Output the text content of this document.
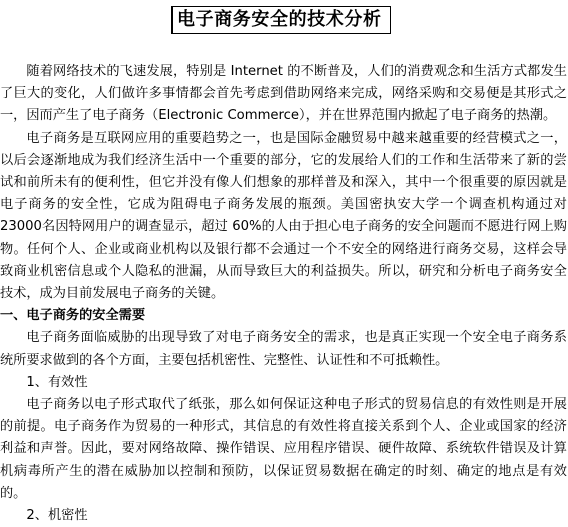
电子商务安全的技术分析

随着网络技术的飞速发展，特别是 Internet 的不断普及，人们的消费观念和生活方式都发生了巨大的变化，人们做许多事情都会首先考虑到借助网络来完成，网络采购和交易便是其形式之一，因而产生了电子商务（Electronic Commerce），并在世界范围内掀起了电子商务的热潮。

电子商务是互联网应用的重要趋势之一，也是国际金融贸易中越来越重要的经营模式之一，以后会逐渐地成为我们经济生活中一个重要的部分，它的发展给人们的工作和生活带来了新的尝试和前所未有的便利性，但它并没有像人们想象的那样普及和深入，其中一个很重要的原因就是电子商务的安全性，它成为阻碍电子商务发展的瓶颈。美国密执安大学一个调查机构通过对 23000名因特网用户的调查显示，超过 60%的人由于担心电子商务的安全问题而不愿进行网上购物。任何个人、企业或商业机构以及银行都不会通过一个不安全的网络进行商务交易，这样会导致商业机密信息或个人隐私的泄漏，从而导致巨大的利益损失。所以，研究和分析电子商务安全技术，成为目前发展电子商务的关键。

一、电子商务的安全需要

电子商务面临威胁的出现导致了对电子商务安全的需求，也是真正实现一个安全电子商务系统所要求做到的各个方面，主要包括机密性、完整性、认证性和不可抵赖性。

1、有效性

电子商务以电子形式取代了纸张，那么如何保证这种电子形式的贸易信息的有效性则是开展的前提。电子商务作为贸易的一种形式，其信息的有效性将直接关系到个人、企业或国家的经济利益和声誉。因此，要对网络故障、操作错误、应用程序错误、硬件故障、系统软件错误及计算机病毒所产生的潜在威胁加以控制和预防，以保证贸易数据在确定的时刻、确定的地点是有效的。

2、机密性
